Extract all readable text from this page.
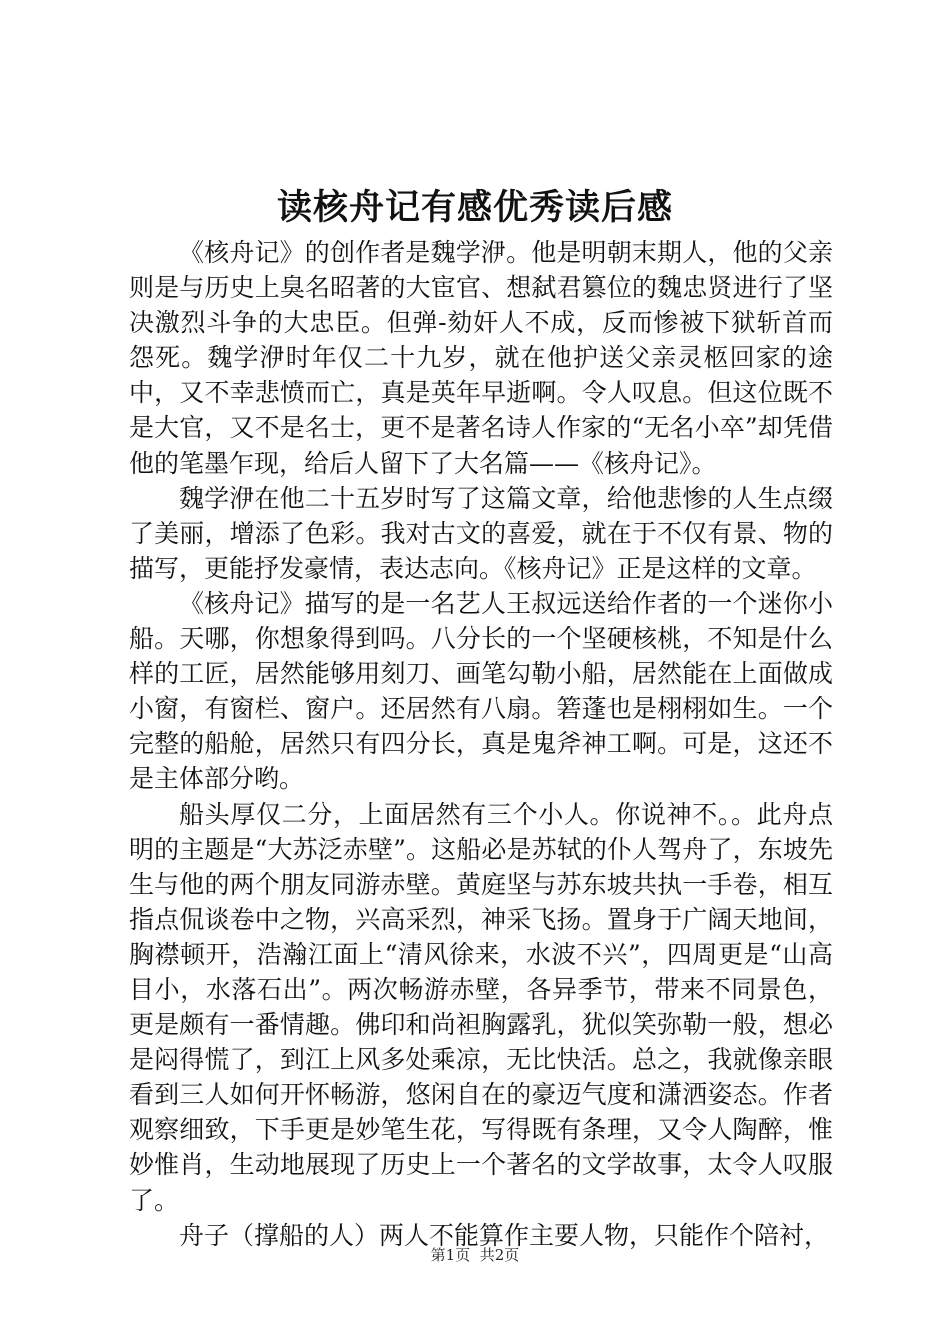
读核舟记有感优秀读后感

《核舟记》的创作者是魏学洢。他是明朝末期人，他的父亲则是与历史上臭名昭著的大宦官、想弑君篡位的魏忠贤进行了坚决激烈斗争的大忠臣。但弹-劾奸人不成，反而惨被下狱斩首而怨死。魏学洢时年仅二十九岁，就在他护送父亲灵柩回家的途中，又不幸悲愤而亡，真是英年早逝啊。令人叹息。但这位既不是大官，又不是名士，更不是著名诗人作家的“无名小卒”却凭借他的笔墨乍现，给后人留下了大名篇——《核舟记》。

魏学洢在他二十五岁时写了这篇文章，给他悲惨的人生点缀了美丽，增添了色彩。我对古文的喜爱，就在于不仅有景、物的描写，更能抒发豪情，表达志向。《核舟记》正是这样的文章。

《核舟记》描写的是一名艺人王叔远送给作者的一个迷你小船。天哪，你想象得到吗。八分长的一个坚硬核桃，不知是什么样的工匠，居然能够用刻刀、画笔勾勒小船，居然能在上面做成小窗，有窗栏、窗户。还居然有八扇。箬蓬也是栩栩如生。一个完整的船舱，居然只有四分长，真是鬼斧神工啊。可是，这还不是主体部分哟。

船头厚仅二分，上面居然有三个小人。你说神不。。此舟点明的主题是“大苏泛赤壁”。这船必是苏轼的仆人驾舟了，东坡先生与他的两个朋友同游赤壁。黄庭坚与苏东坡共执一手卷，相互指点侃谈卷中之物，兴高采烈，神采飞扬。置身于广阔天地间，胸襟顿开，浩瀚江面上“清风徐来，水波不兴”，四周更是“山高目小，水落石出”。两次畅游赤壁，各异季节，带来不同景色，更是颇有一番情趣。佛印和尚袒胸露乳，犹似笑弥勒一般，想必是闷得慌了，到江上风多处乘凉，无比快活。总之，我就像亲眼看到三人如何开怀畅游，悠闲自在的豪迈气度和潇洒姿态。作者观察细致，下手更是妙笔生花，写得既有条理，又令人陶醉，惟妙惟肖，生动地展现了历史上一个著名的文学故事，太令人叹服了。

舟子（撑船的人）两人不能算作主要人物，只能作个陪衬，

第1页 共2页
